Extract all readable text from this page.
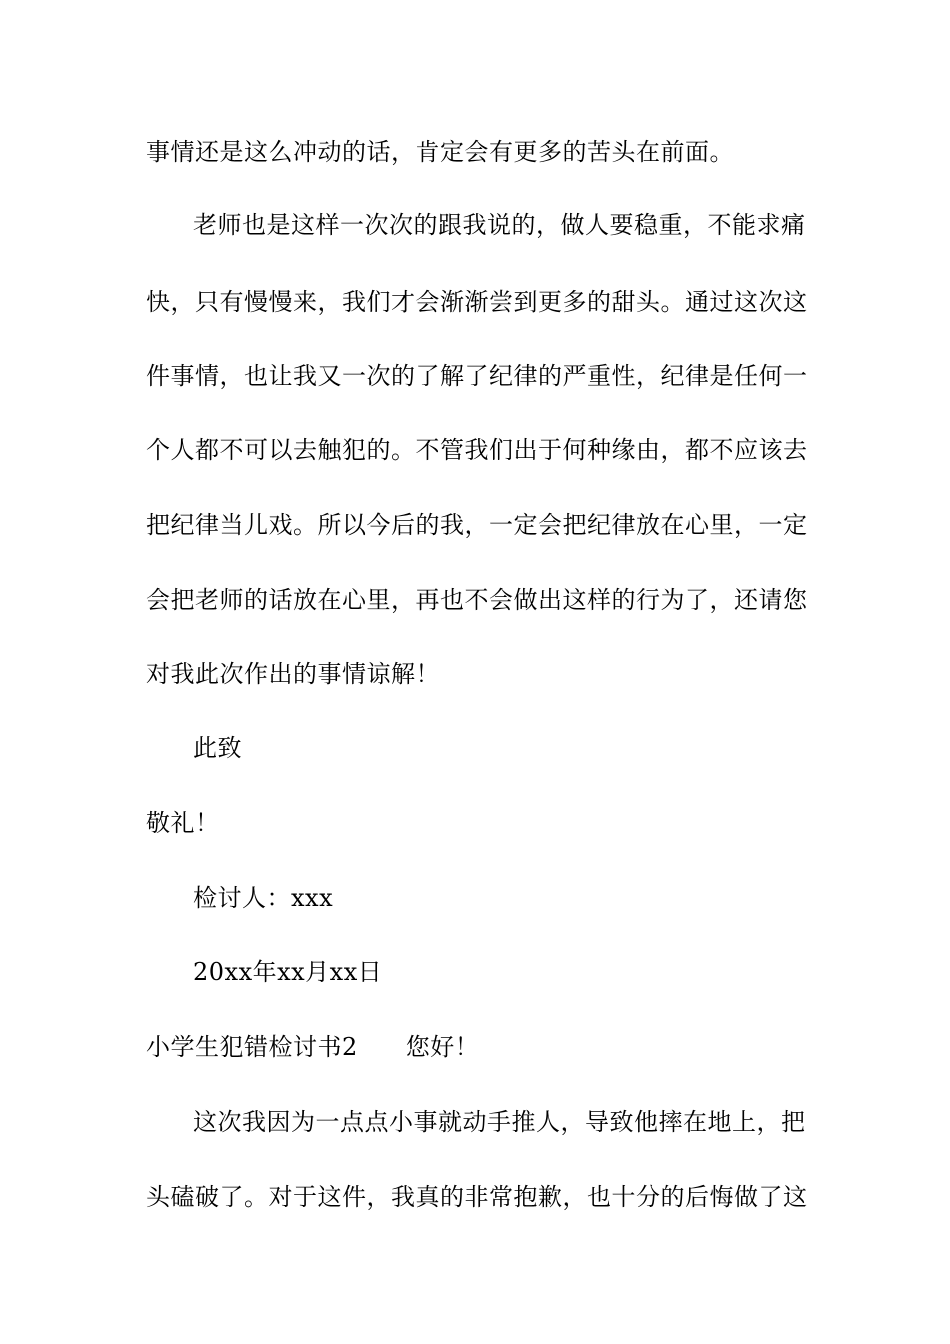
事情还是这么冲动的话，肯定会有更多的苦头在前面。
老师也是这样一次次的跟我说的，做人要稳重，不能求痛
快，只有慢慢来，我们才会渐渐尝到更多的甜头。通过这次这
件事情，也让我又一次的了解了纪律的严重性，纪律是任何一
个人都不可以去触犯的。不管我们出于何种缘由，都不应该去
把纪律当儿戏。所以今后的我，一定会把纪律放在心里，一定
会把老师的话放在心里，再也不会做出这样的行为了，还请您
对我此次作出的事情谅解！
此致
敬礼！
检讨人：xxx
20xx年xx月xx日
小学生犯错检讨书2 您好！
这次我因为一点点小事就动手推人，导致他摔在地上，把
头磕破了。对于这件，我真的非常抱歉，也十分的后悔做了这
